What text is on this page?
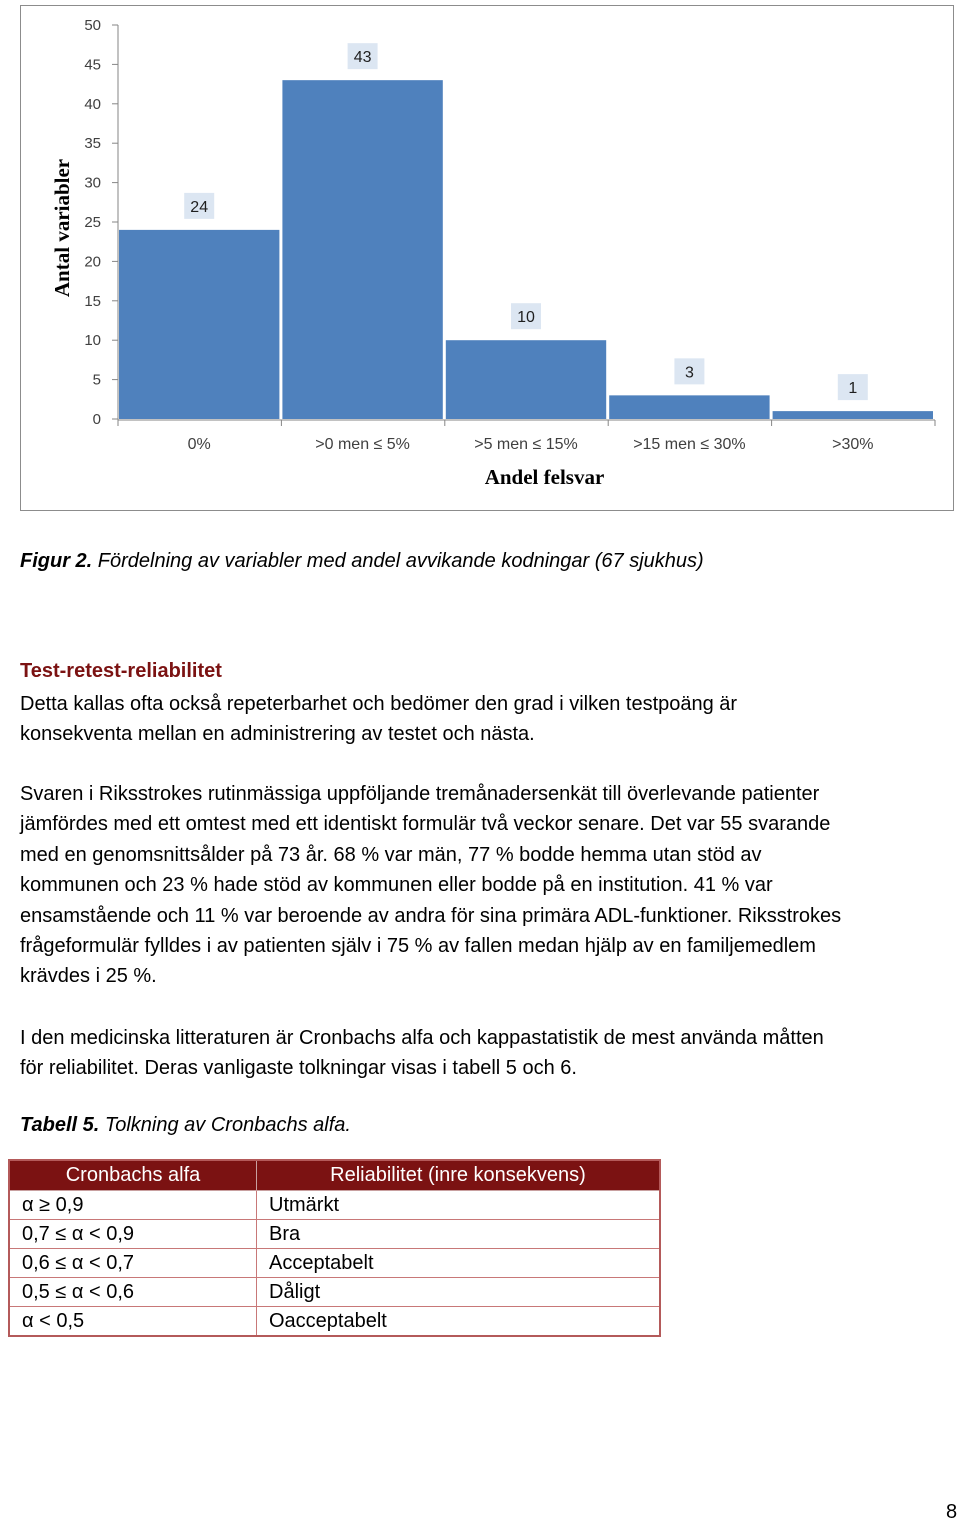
0
5
10
15
20
25
30
35
40
45
50
24
0%
43
>0 men ≤ 5%
10
>5 men ≤ 15%
3
>15 men ≤ 30%
1
>30%
Andel felsvar
Antal variabler
Figur 2. Fördelning av variabler med andel avvikande kodningar (67 sjukhus)
Test-retest-reliabilitet

Detta kallas ofta också repeterbarhet och bedömer den grad i vilken testpoäng är
konsekventa mellan en administrering av testet och nästa.

Svaren i Riksstrokes rutinmässiga uppföljande tremånadersenkät till överlevande patienter
jämfördes med ett omtest med ett identiskt formulär två veckor senare. Det var 55 svarande
med en genomsnittsålder på 73 år. 68 % var män, 77 % bodde hemma utan stöd av
kommunen och 23 % hade stöd av kommunen eller bodde på en institution. 41 % var
ensamstående och 11 % var beroende av andra för sina primära ADL-funktioner. Riksstrokes
frågeformulär fylldes i av patienten själv i 75 % av fallen medan hjälp av en familjemedlem
krävdes i 25 %.

I den medicinska litteraturen är Cronbachs alfa och kappastatistik de mest använda måtten
för reliabilitet. Deras vanligaste tolkningar visas i tabell 5 och 6.

Tabell 5. Tolkning av Cronbachs alfa.
Cronbachs alfa	Reliabilitet (inre konsekvens)
α ≥ 0,9	Utmärkt
0,7 ≤ α < 0,9	Bra
0,6 ≤ α < 0,7	Acceptabelt
0,5 ≤ α < 0,6	Dåligt
α < 0,5	Oacceptabelt
8
